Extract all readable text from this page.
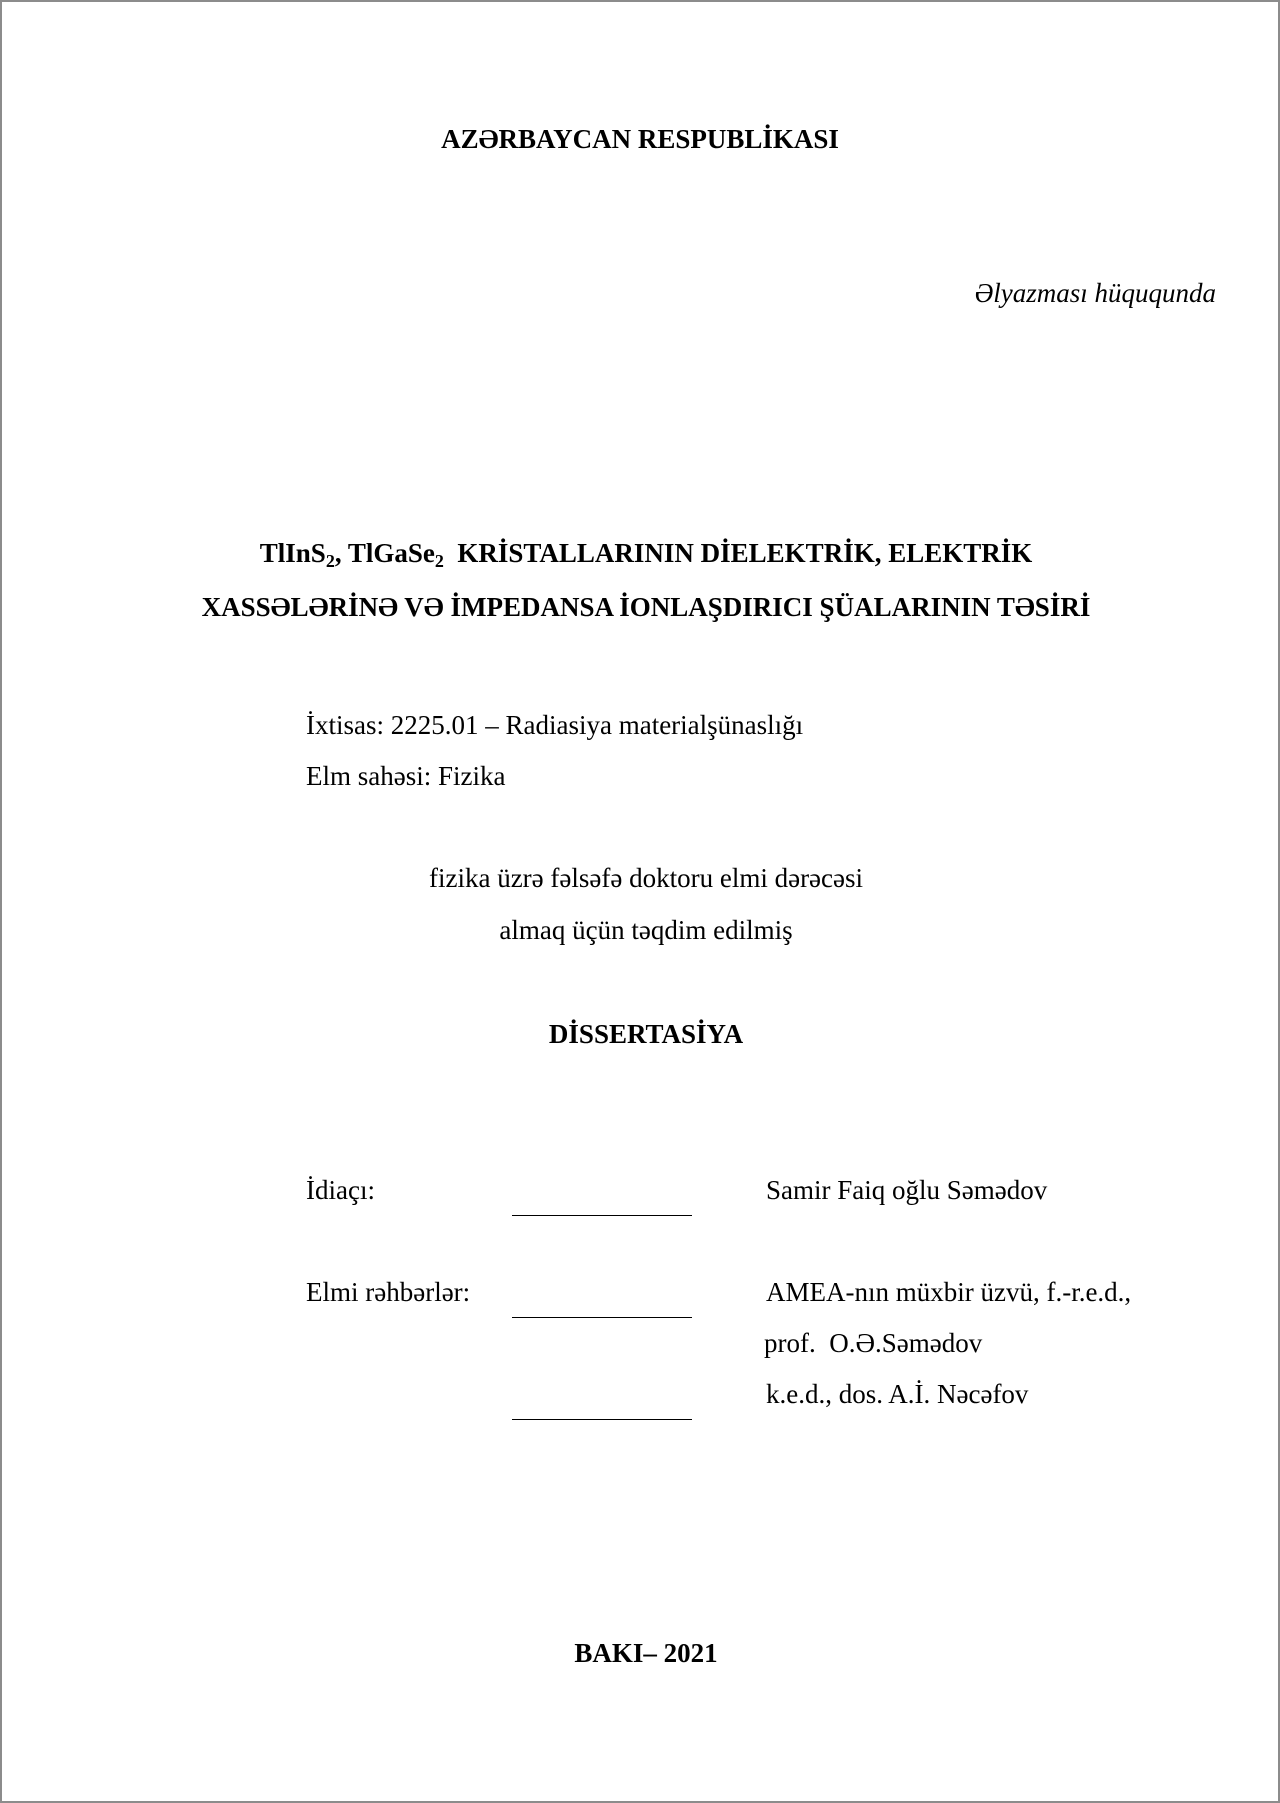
AZƏRBAYCAN RESPUBLİKASI
Əlyazması hüququnda
TlInS$_2$, TlGaSe$_2$  KRİSTALLARININ DİELEKTRİK, ELEKTRİK
XASSƏLƏRİNƏ VƏ İMPEDANSA İONLAŞDIRICI ŞÜALARININ TƏSİRİ
İxtisas: 2225.01 – Radiasiya materialşünaslığı
Elm sahəsi: Fizika
fizika üzrə fəlsəfə doktoru elmi dərəcəsi
almaq üçün təqdim edilmiş
DİSSERTASİYA
İdiaçı:	Samir Faiq oğlu Səmədov
Elmi rəhbərlər:	AMEA-nın müxbir üzvü, f.-r.e.d.,
prof.  O.Ə.Səmədov
k.e.d., dos. A.İ. Nəcəfov
BAKI– 2021
